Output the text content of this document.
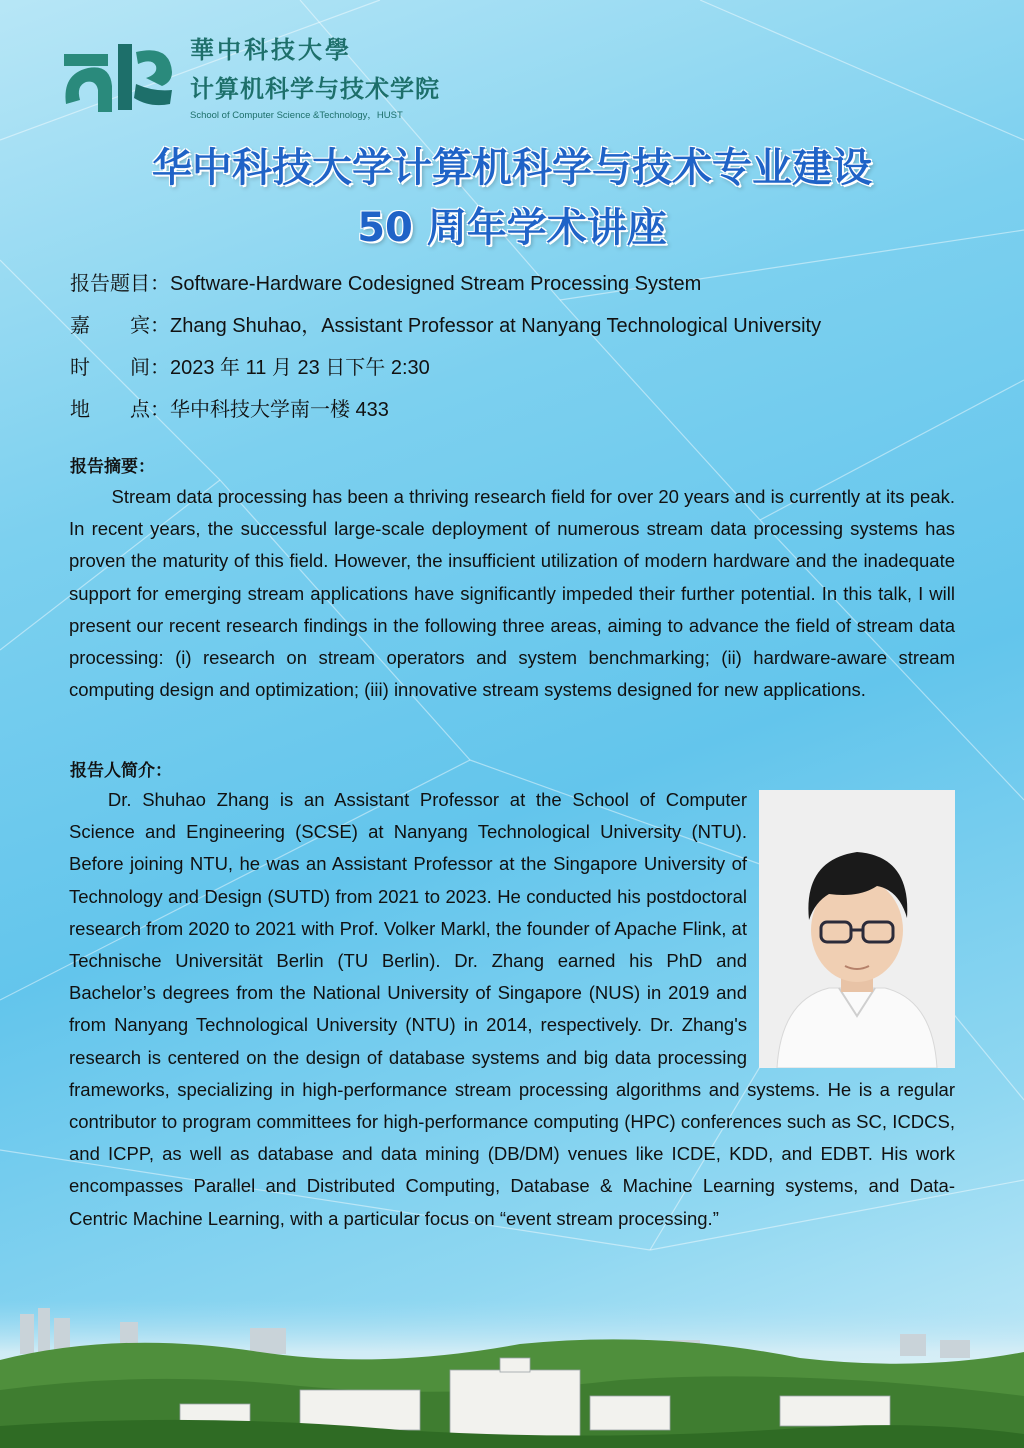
華中科技大學
计算机科学与技术学院
School of Computer Science &Technology，HUST
华中科技大学计算机科学与技术专业建设
50 周年学术讲座
报告题目：Software-Hardware Codesigned Stream Processing System
嘉　　宾：Zhang Shuhao，Assistant Professor at Nanyang Technological University
时　　间：2023 年 11 月 23 日下午 2:30
地　　点：华中科技大学南一楼 433
报告摘要：
Stream data processing has been a thriving research field for over 20 years and is currently at its peak. In recent years, the successful large-scale deployment of numerous stream data processing systems has proven the maturity of this field. However, the insufficient utilization of modern hardware and the inadequate support for emerging stream applications have significantly impeded their further potential. In this talk, I will present our recent research findings in the following three areas, aiming to advance the field of stream data processing: (i) research on stream operators and system benchmarking; (ii) hardware-aware stream computing design and optimization; (iii) innovative stream systems designed for new applications.
报告人简介：
Dr. Shuhao Zhang is an Assistant Professor at the School of Computer Science and Engineering (SCSE) at Nanyang Technological University (NTU). Before joining NTU, he was an Assistant Professor at the Singapore University of Technology and Design (SUTD) from 2021 to 2023. He conducted his postdoctoral research from 2020 to 2021 with Prof. Volker Markl, the founder of Apache Flink, at Technische Universität Berlin (TU Berlin). Dr. Zhang earned his PhD and Bachelor’s degrees from the National University of Singapore (NUS) in 2019 and from Nanyang Technological University (NTU) in 2014, respectively. Dr. Zhang's research is centered on the design of database systems and big data processing frameworks, specializing in high-performance stream processing algorithms and systems. He is a regular contributor to program committees for high-performance computing (HPC) conferences such as SC, ICDCS, and ICPP, as well as database and data mining (DB/DM) venues like ICDE, KDD, and EDBT. His work encompasses Parallel and Distributed Computing, Database & Machine Learning systems, and Data-Centric Machine Learning, with a particular focus on “event stream processing.”
